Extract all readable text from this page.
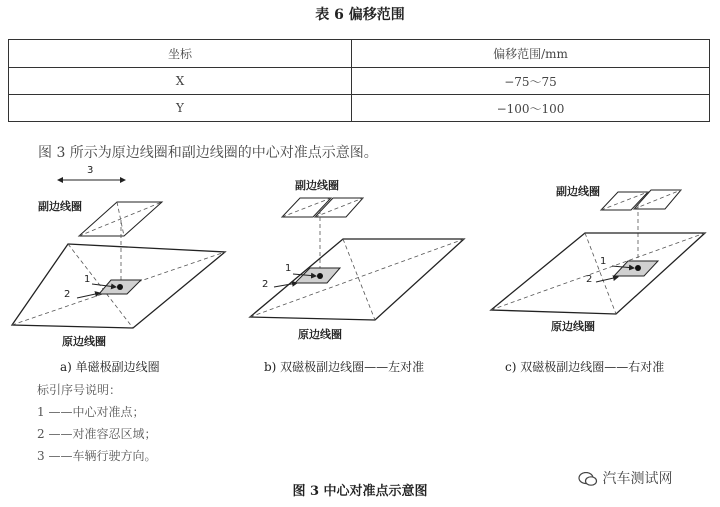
表 6 偏移范围
坐标	偏移范围/mm
X	−75～75
Y	−100～100
图 3 所示为原边线圈和副边线圈的中心对准点示意图。
3
副边线圈
1
2
原边线圈
a) 单磁极副边线圈
副边线圈
1
2
原边线圈
b) 双磁极副边线圈——左对准
副边线圈
1
2
原边线圈
c) 双磁极副边线圈——右对准
标引序号说明：
1 ——中心对准点；
2 ——对准容忍区域；
3 ——车辆行驶方向。
汽车测试网
图 3 中心对准点示意图
